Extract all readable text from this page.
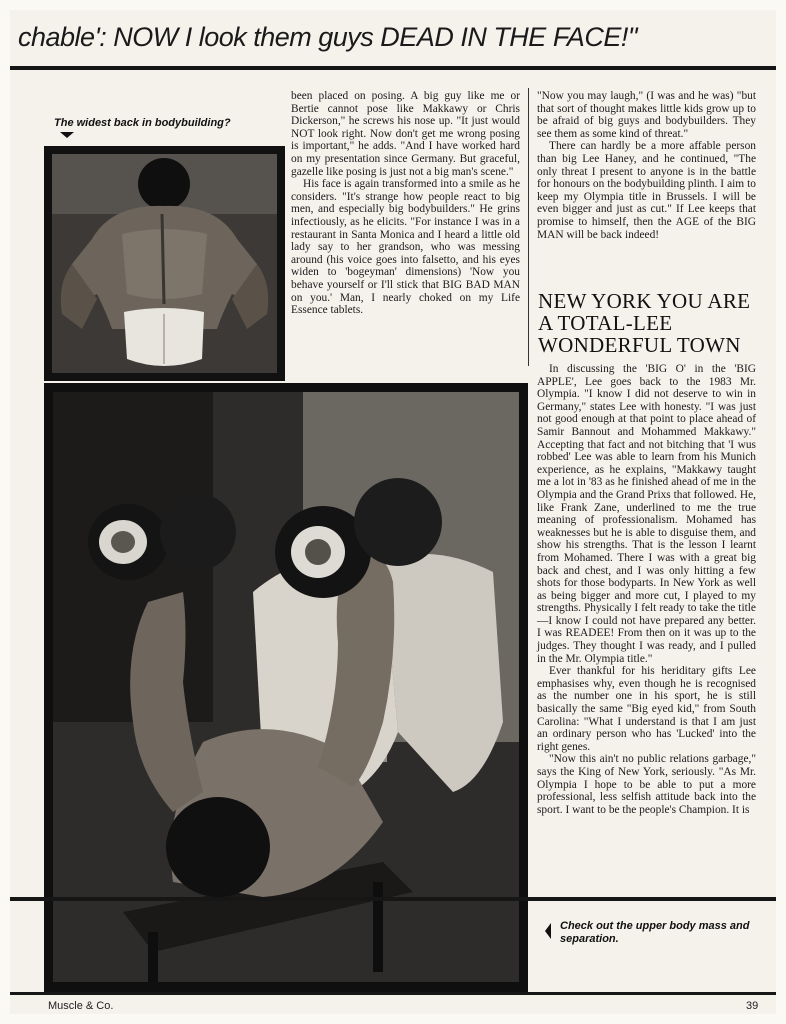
chable': NOW I look them guys DEAD IN THE FACE!"
The widest back in bodybuilding?

been placed on posing. A big guy like me or Bertie cannot pose like Makkawy or Chris Dickerson," he screws his nose up. "It just would NOT look right. Now don't get me wrong posing is important," he adds. "And I have worked hard on my presentation since Germany. But graceful, gazelle like posing is just not a big man's scene."

His face is again transformed into a smile as he considers. "It's strange how people react to big men, and especially big bodybuilders." He grins infectiously, as he elicits. "For instance I was in a restaurant in Santa Monica and I heard a little old lady say to her grandson, who was messing around (his voice goes into falsetto, and his eyes widen to 'bogeyman' dimensions) 'Now you behave yourself or I'll stick that BIG BAD MAN on you.' Man, I nearly choked on my Life Essence tablets.

"Now you may laugh," (I was and he was) "but that sort of thought makes little kids grow up to be afraid of big guys and bodybuilders. They see them as some kind of threat."

There can hardly be a more affable person than big Lee Haney, and he continued, "The only threat I present to anyone is in the battle for honours on the bodybuilding plinth. I aim to keep my Olympia title in Brussels. I will be even bigger and just as cut." If Lee keeps that promise to himself, then the AGE of the BIG MAN will be back indeed!

NEW YORK YOU ARE A TOTAL-LEE WONDERFUL TOWN

In discussing the 'BIG O' in the 'BIG APPLE', Lee goes back to the 1983 Mr. Olympia. "I know I did not deserve to win in Germany," states Lee with honesty. "I was just not good enough at that point to place ahead of Samir Bannout and Mohammed Makkawy." Accepting that fact and not bitching that 'I wus robbed' Lee was able to learn from his Munich experience, as he explains, "Makkawy taught me a lot in '83 as he finished ahead of me in the Olympia and the Grand Prixs that followed. He, like Frank Zane, underlined to me the true meaning of professionalism. Mohamed has weaknesses but he is able to disguise them, and show his strengths. That is the lesson I learnt from Mohamed. There I was with a great big back and chest, and I was only hitting a few shots for those bodyparts. In New York as well as being bigger and more cut, I played to my strengths. Physically I felt ready to take the title—I know I could not have prepared any better. I was READEE! From then on it was up to the judges. They thought I was ready, and I pulled in the Mr. Olympia title."

Ever thankful for his heriditary gifts Lee emphasises why, even though he is recognised as the number one in his sport, he is still basically the same "Big eyed kid," from South Carolina: "What I understand is that I am just an ordinary person who has 'Lucked' into the right genes.

"Now this ain't no public relations garbage," says the King of New York, seriously. "As Mr. Olympia I hope to be able to put a more professional, less selfish attitude back into the sport. I want to be the people's Champion. It is

Check out the upper body mass and separation.
Muscle & Co.	39
